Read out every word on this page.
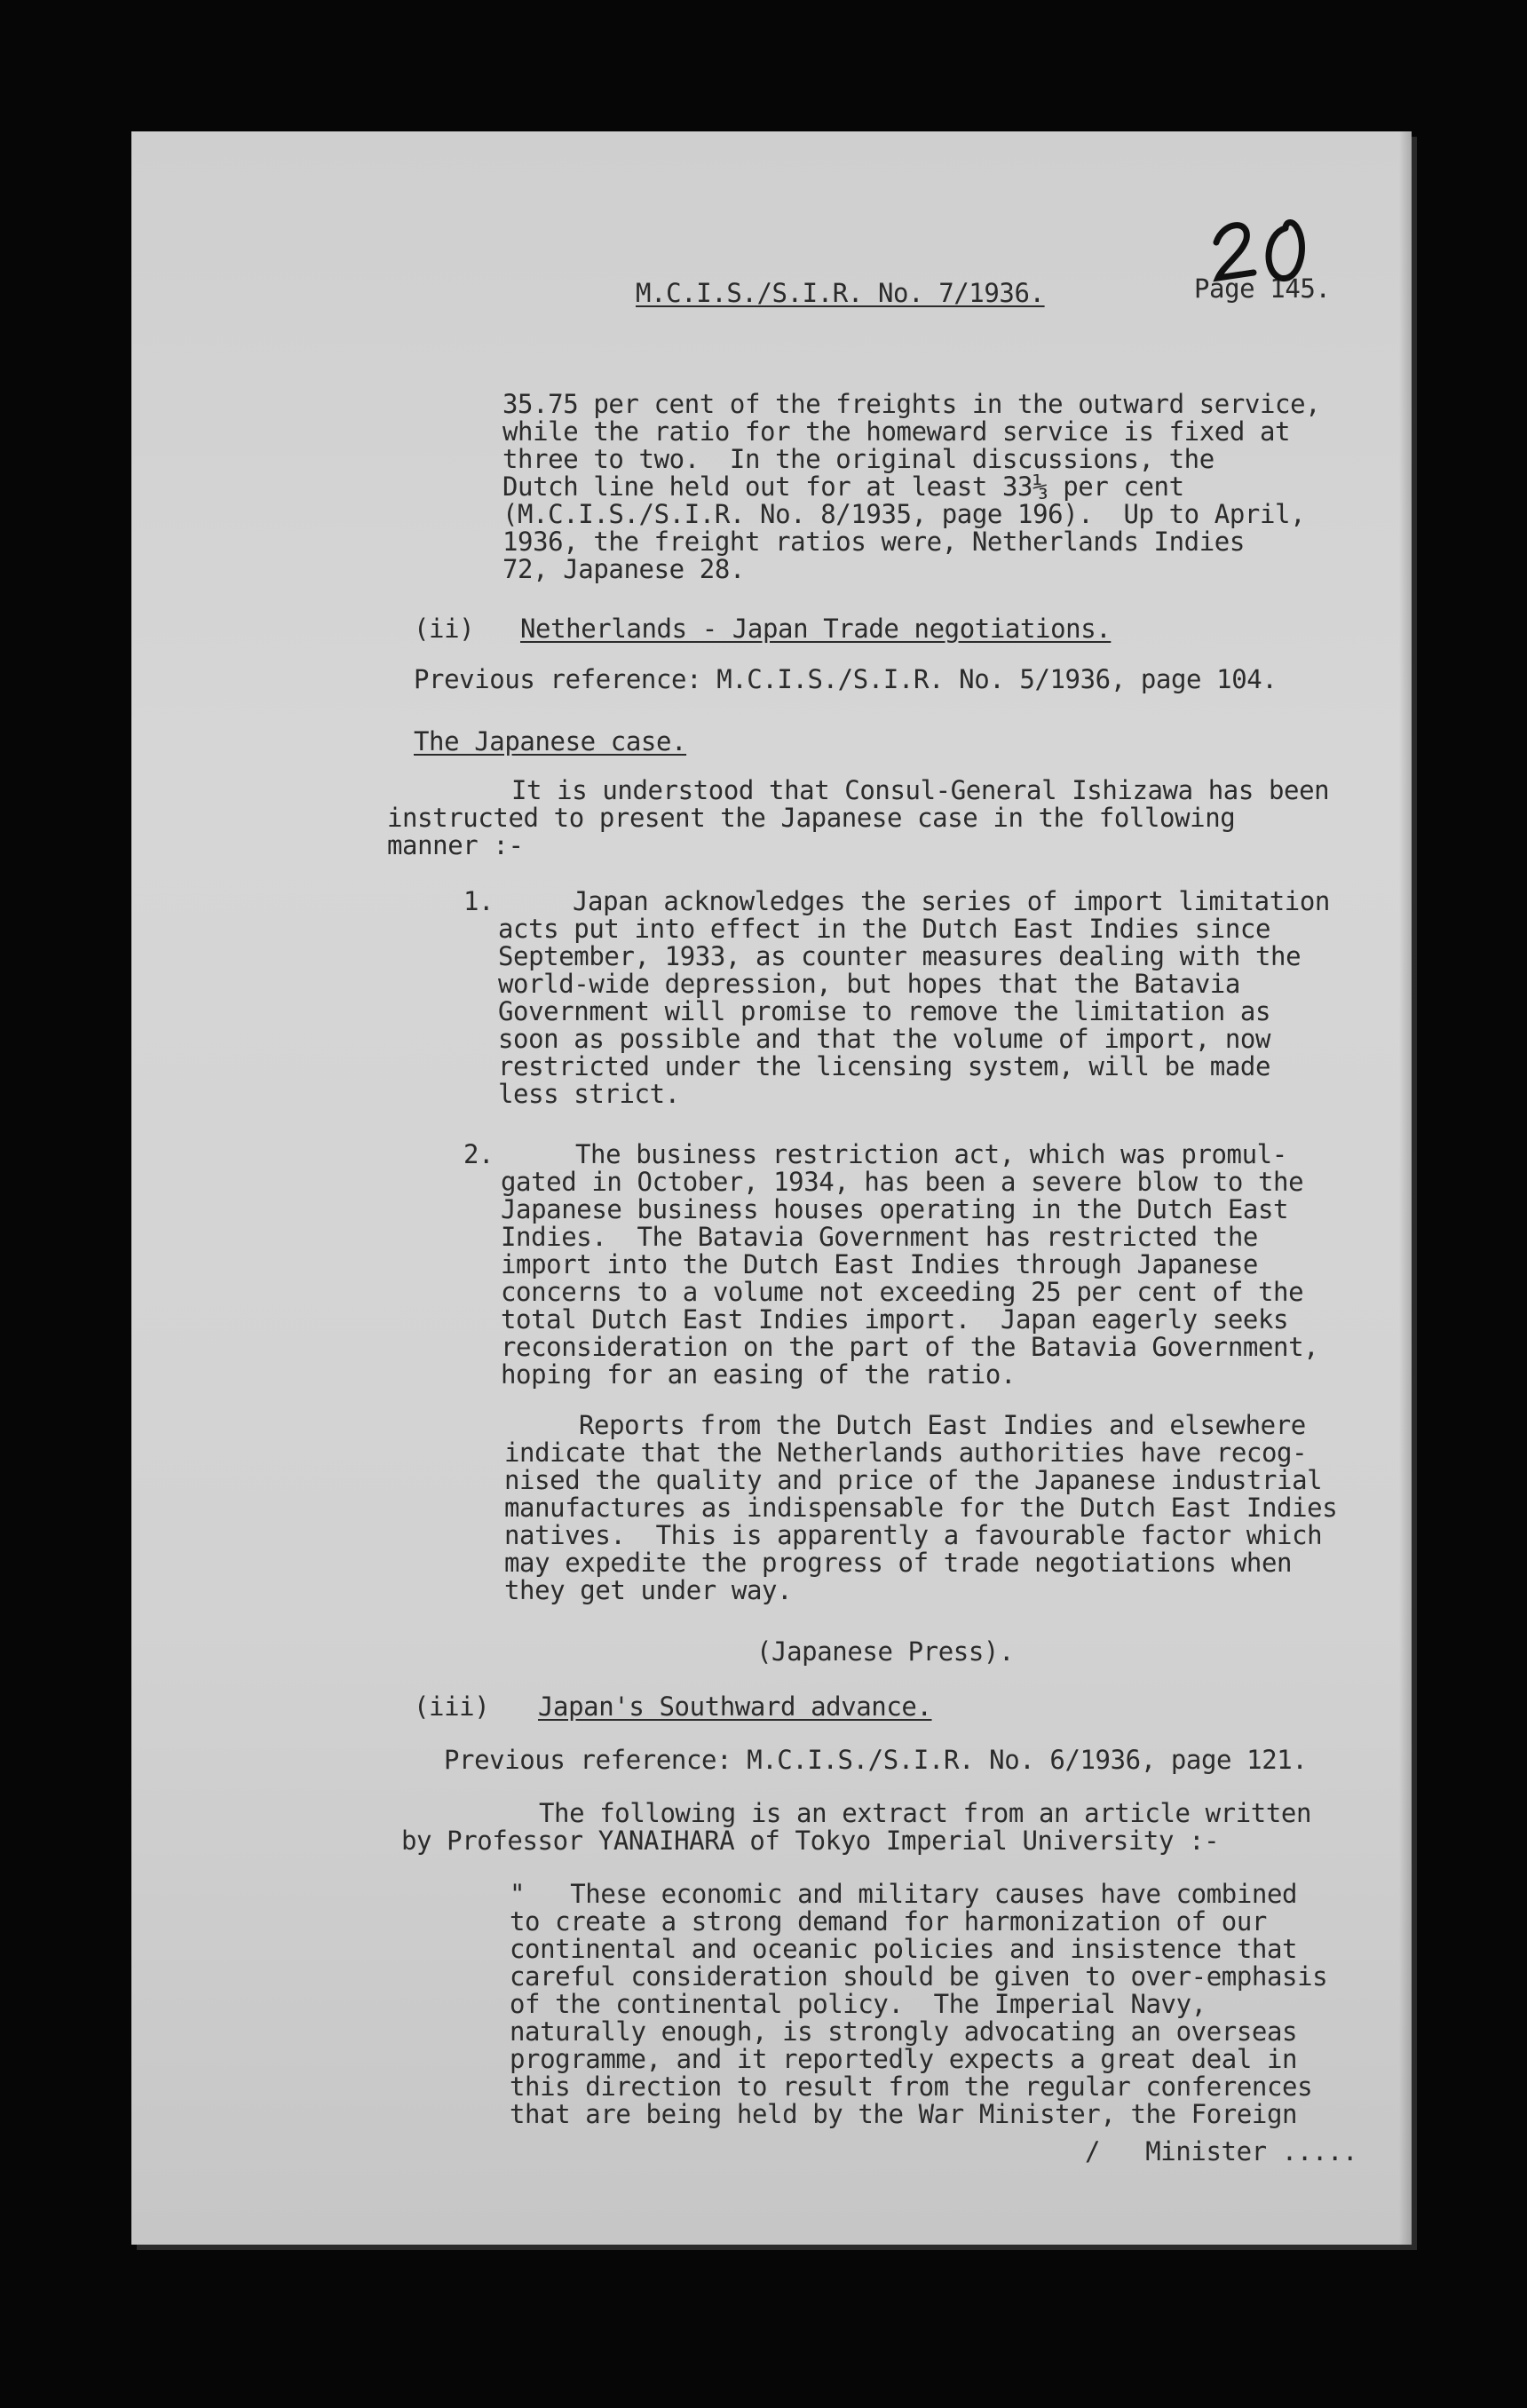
M.C.I.S./S.I.R. No. 7/1936.	Page 145.
35.75 per cent of the freights in the outward service,
while the ratio for the homeward service is fixed at
three to two.  In the original discussions, the
Dutch line held out for at least 33⅓ per cent
(M.C.I.S./S.I.R. No. 8/1935, page 196).  Up to April,
1936, the freight ratios were, Netherlands Indies
72, Japanese 28.
(ii) Netherlands - Japan Trade negotiations.
Previous reference: M.C.I.S./S.I.R. No. 5/1936, page 104.
The Japanese case.
It is understood that Consul-General Ishizawa has been
instructed to present the Japanese case in the following
manner :-
1.	Japan acknowledges the series of import limitation
acts put into effect in the Dutch East Indies since
September, 1933, as counter measures dealing with the
world-wide depression, but hopes that the Batavia
Government will promise to remove the limitation as
soon as possible and that the volume of import, now
restricted under the licensing system, will be made
less strict.
2.	The business restriction act, which was promul-
gated in October, 1934, has been a severe blow to the
Japanese business houses operating in the Dutch East
Indies.  The Batavia Government has restricted the
import into the Dutch East Indies through Japanese
concerns to a volume not exceeding 25 per cent of the
total Dutch East Indies import.  Japan eagerly seeks
reconsideration on the part of the Batavia Government,
hoping for an easing of the ratio.
Reports from the Dutch East Indies and elsewhere
indicate that the Netherlands authorities have recog-
nised the quality and price of the Japanese industrial
manufactures as indispensable for the Dutch East Indies
natives.  This is apparently a favourable factor which
may expedite the progress of trade negotiations when
they get under way.
(Japanese Press).
(iii) Japan's Southward advance.
Previous reference: M.C.I.S./S.I.R. No. 6/1936, page 121.
The following is an extract from an article written
by Professor YANAIHARA of Tokyo Imperial University :-
"   These economic and military causes have combined
to create a strong demand for harmonization of our
continental and oceanic policies and insistence that
careful consideration should be given to over-emphasis
of the continental policy.  The Imperial Navy,
naturally enough, is strongly advocating an overseas
programme, and it reportedly expects a great deal in
this direction to result from the regular conferences
that are being held by the War Minister, the Foreign
/   Minister .....
